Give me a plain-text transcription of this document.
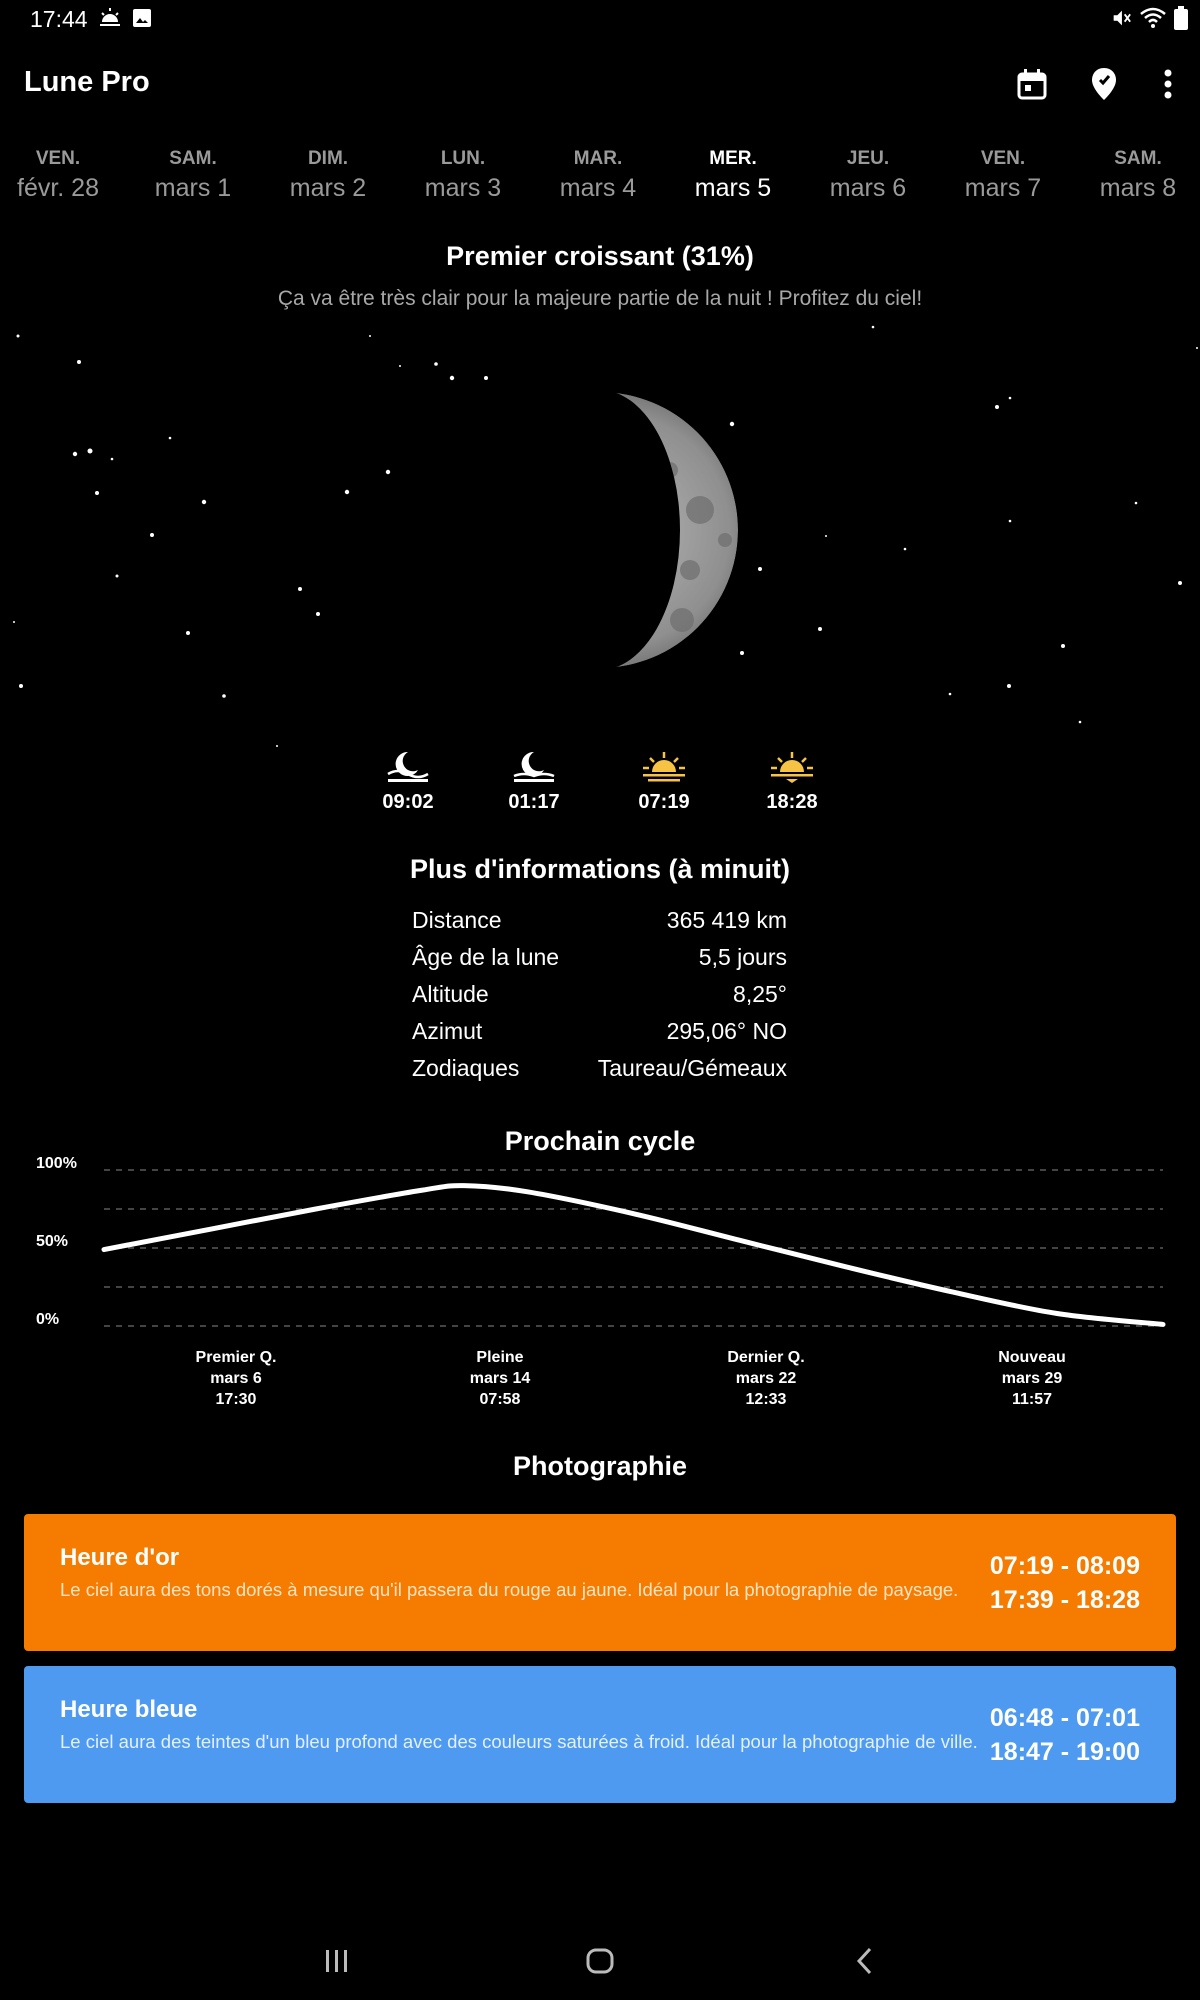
17:44
Lune Pro
VEN.
févr. 28
SAM.
mars 1
DIM.
mars 2
LUN.
mars 3
MAR.
mars 4
MER.
mars 5
JEU.
mars 6
VEN.
mars 7
SAM.
mars 8
Premier croissant (31%)
Ça va être très clair pour la majeure partie de la nuit ! Profitez du ciel!
09:02	01:17	07:19	18:28
Plus d'informations (à minuit)
Distance	365 419 km
Âge de la lune	5,5 jours
Altitude	8,25°
Azimut	295,06° NO
Zodiaques	Taureau/Gémeaux
Prochain cycle
100%
50%
0%
Premier Q.
mars 6
17:30
Pleine
mars 14
07:58
Dernier Q.
mars 22
12:33
Nouveau
mars 29
11:57
Photographie
Heure d'or
Le ciel aura des tons dorés à mesure qu'il passera du rouge au jaune. Idéal pour la photographie de paysage.
07:19 - 08:09
17:39 - 18:28
Heure bleue
Le ciel aura des teintes d'un bleu profond avec des couleurs saturées à froid. Idéal pour la photographie de ville.
06:48 - 07:01
18:47 - 19:00
